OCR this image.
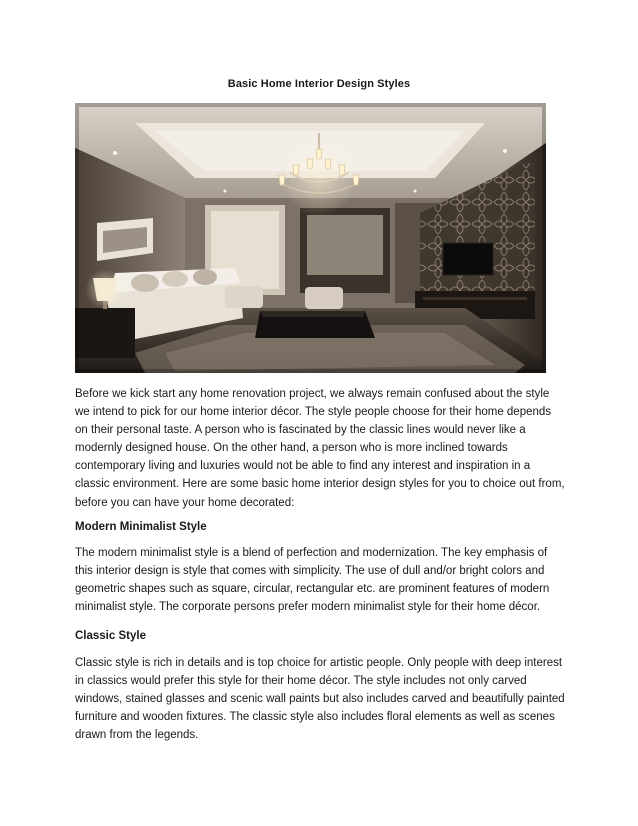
Basic Home Interior Design Styles

Before we kick start any home renovation project, we always remain confused about the style we intend to pick for our home interior décor. The style people choose for their home depends on their personal taste. A person who is fascinated by the classic lines would never like a modernly designed house. On the other hand, a person who is more inclined towards contemporary living and luxuries would not be able to find any interest and inspiration in a classic environment. Here are some basic home interior design styles for you to choice out from, before you can have your home decorated:

Modern Minimalist Style

The modern minimalist style is a blend of perfection and modernization. The key emphasis of this interior design is style that comes with simplicity. The use of dull and/or bright colors and geometric shapes such as square, circular, rectangular etc. are prominent features of modern minimalist style. The corporate persons prefer modern minimalist style for their home décor.

Classic Style

Classic style is rich in details and is top choice for artistic people. Only people with deep interest in classics would prefer this style for their home décor. The style includes not only carved windows, stained glasses and scenic wall paints but also includes carved and beautifully painted furniture and wooden fixtures. The classic style also includes floral elements as well as scenes drawn from the legends.
